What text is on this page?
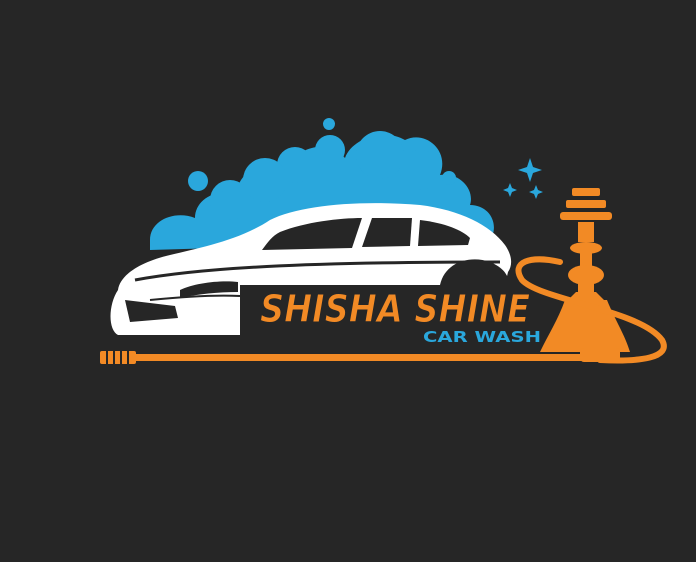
SHISHA SHINE
CAR WASH
